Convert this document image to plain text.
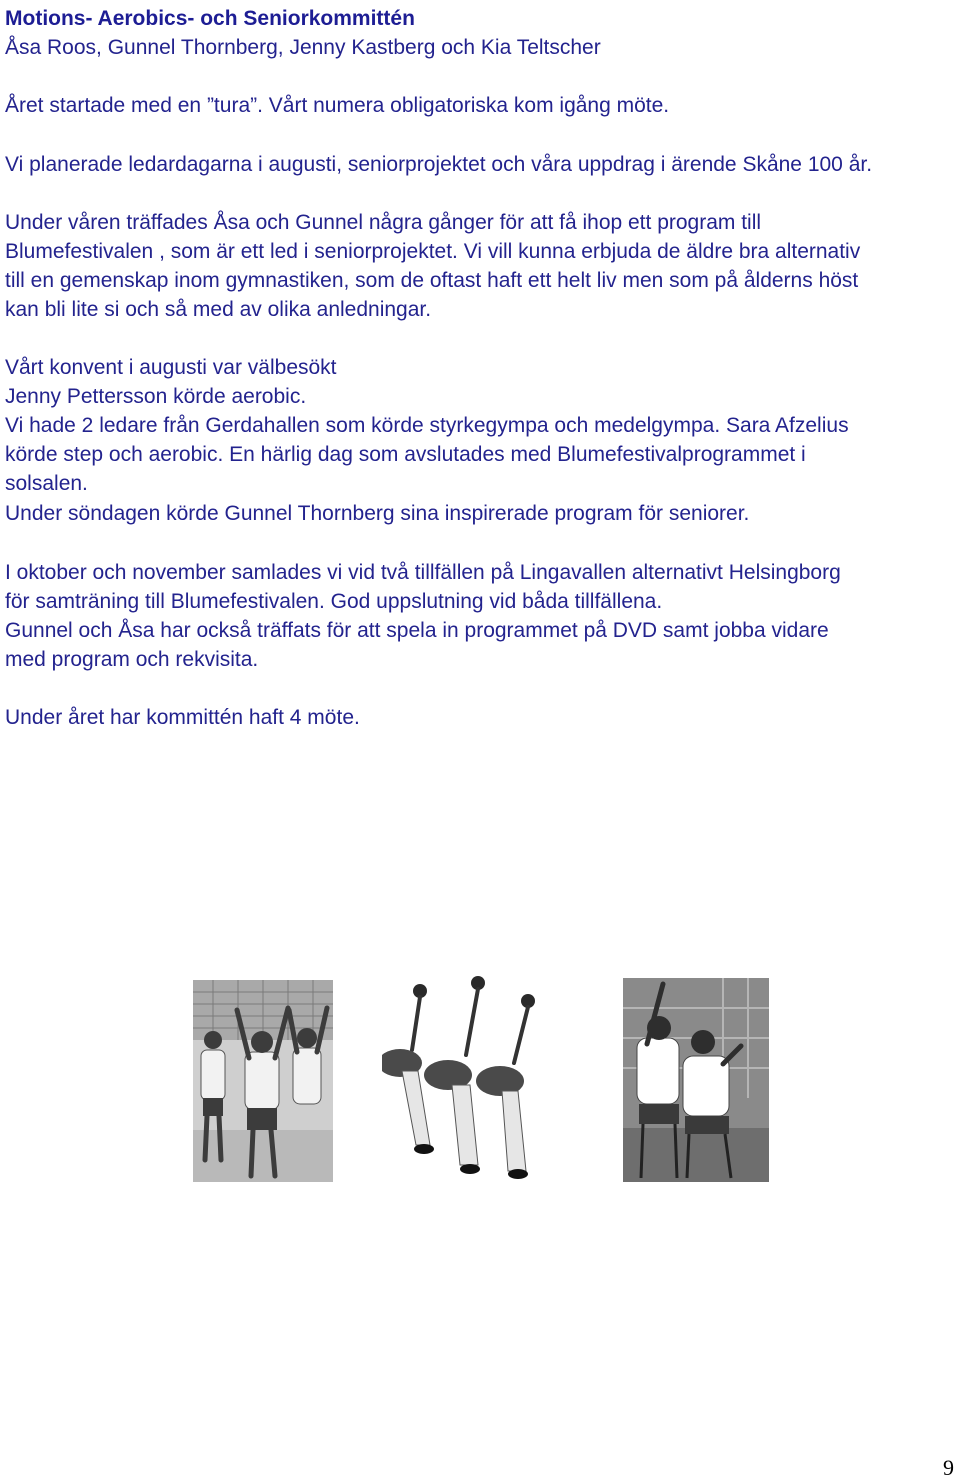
Motions- Aerobics- och Seniorkommittén
Åsa Roos, Gunnel Thornberg, Jenny Kastberg och Kia Teltscher
Året startade med en ”tura”. Vårt numera obligatoriska kom igång möte.
Vi planerade ledardagarna i augusti, seniorprojektet och våra uppdrag i ärende Skåne 100 år.
Under våren träffades Åsa och Gunnel några gånger för att få ihop ett program till
Blumefestivalen , som är ett led i seniorprojektet. Vi vill kunna erbjuda de äldre bra alternativ
till en gemenskap inom gymnastiken, som de oftast haft ett helt liv men som på ålderns höst
kan bli lite si och så med av olika anledningar.
Vårt konvent i augusti var välbesökt
Jenny Pettersson körde aerobic.
Vi hade 2 ledare från Gerdahallen som körde styrkegympa och medelgympa. Sara Afzelius
körde step och aerobic. En härlig dag som avslutades med Blumefestivalprogrammet i
solsalen.
Under söndagen körde Gunnel Thornberg sina inspirerade program för seniorer.
I oktober och november samlades vi vid två tillfällen på Lingavallen alternativt Helsingborg
för samträning till Blumefestivalen. God uppslutning vid båda tillfällena.
Gunnel och Åsa har också träffats för att spela in programmet på DVD samt jobba vidare
med program och rekvisita.
Under året har kommittén haft 4 möte.
9
